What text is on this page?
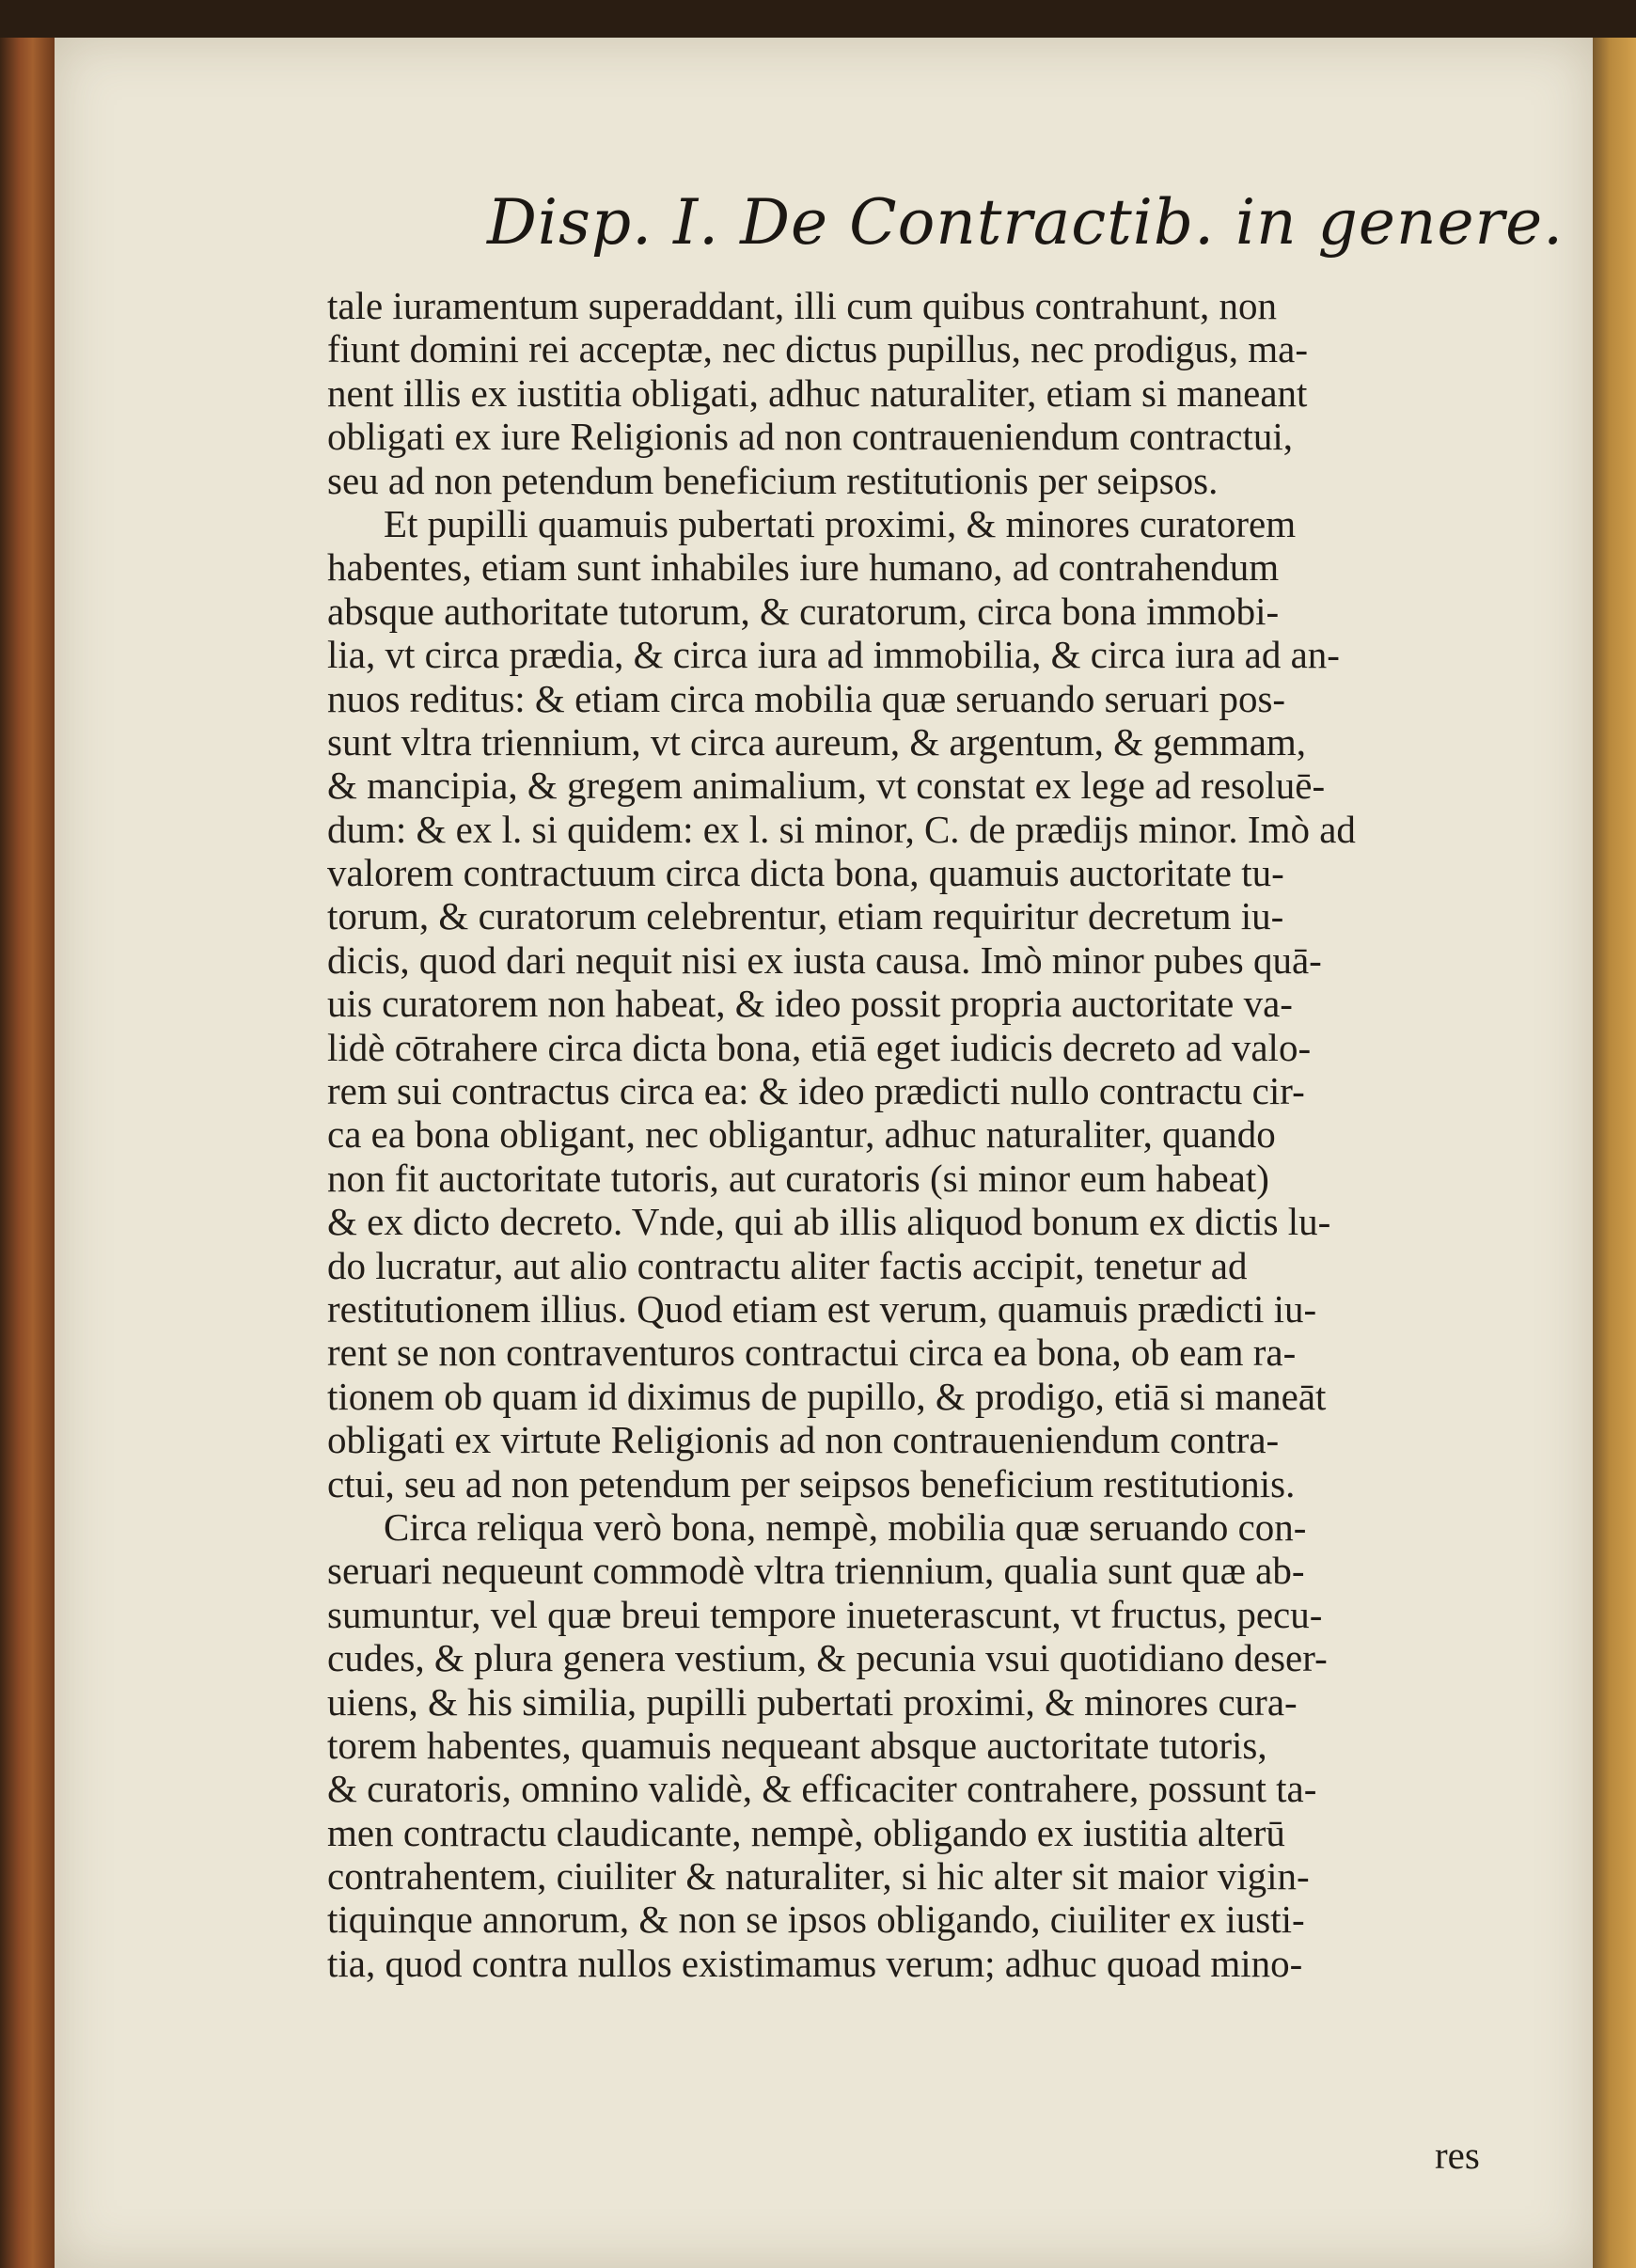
Disp. I. De Contractib. in genere.
tale iuramentum superaddant, illi cum quibus contrahunt, non
fiunt domini rei acceptæ, nec dictus pupillus, nec prodigus, ma-
nent illis ex iustitia obligati, adhuc naturaliter, etiam si maneant
obligati ex iure Religionis ad non contraueniendum contractui,
seu ad non petendum beneficium restitutionis per seipsos.
Et pupilli quamuis pubertati proximi, & minores curatorem
habentes, etiam sunt inhabiles iure humano, ad contrahendum
absque authoritate tutorum, & curatorum, circa bona immobi-
lia, vt circa prædia, & circa iura ad immobilia, & circa iura ad an-
nuos reditus: & etiam circa mobilia quæ seruando seruari pos-
sunt vltra triennium, vt circa aureum, & argentum, & gemmam,
& mancipia, & gregem animalium, vt constat ex lege ad resoluē-
dum: & ex l. si quidem: ex l. si minor, C. de prædijs minor. Imò ad
valorem contractuum circa dicta bona, quamuis auctoritate tu-
torum, & curatorum celebrentur, etiam requiritur decretum iu-
dicis, quod dari nequit nisi ex iusta causa. Imò minor pubes quā-
uis curatorem non habeat, & ideo possit propria auctoritate va-
lidè cōtrahere circa dicta bona, etiā eget iudicis decreto ad valo-
rem sui contractus circa ea: & ideo prædicti nullo contractu cir-
ca ea bona obligant, nec obligantur, adhuc naturaliter, quando
non fit auctoritate tutoris, aut curatoris (si minor eum habeat)
& ex dicto decreto. Vnde, qui ab illis aliquod bonum ex dictis lu-
do lucratur, aut alio contractu aliter factis accipit, tenetur ad
restitutionem illius. Quod etiam est verum, quamuis prædicti iu-
rent se non contraventuros contractui circa ea bona, ob eam ra-
tionem ob quam id diximus de pupillo, & prodigo, etiā si maneāt
obligati ex virtute Religionis ad non contraueniendum contra-
ctui, seu ad non petendum per seipsos beneficium restitutionis.
Circa reliqua verò bona, nempè, mobilia quæ seruando con-
seruari nequeunt commodè vltra triennium, qualia sunt quæ ab-
sumuntur, vel quæ breui tempore inueterascunt, vt fructus, pecu-
cudes, & plura genera vestium, & pecunia vsui quotidiano deser-
uiens, & his similia, pupilli pubertati proximi, & minores cura-
torem habentes, quamuis nequeant absque auctoritate tutoris,
& curatoris, omnino validè, & efficaciter contrahere, possunt ta-
men contractu claudicante, nempè, obligando ex iustitia alterū
contrahentem, ciuiliter & naturaliter, si hic alter sit maior vigin-
tiquinque annorum, & non se ipsos obligando, ciuiliter ex iusti-
tia, quod contra nullos existimamus verum; adhuc quoad mino-
res
